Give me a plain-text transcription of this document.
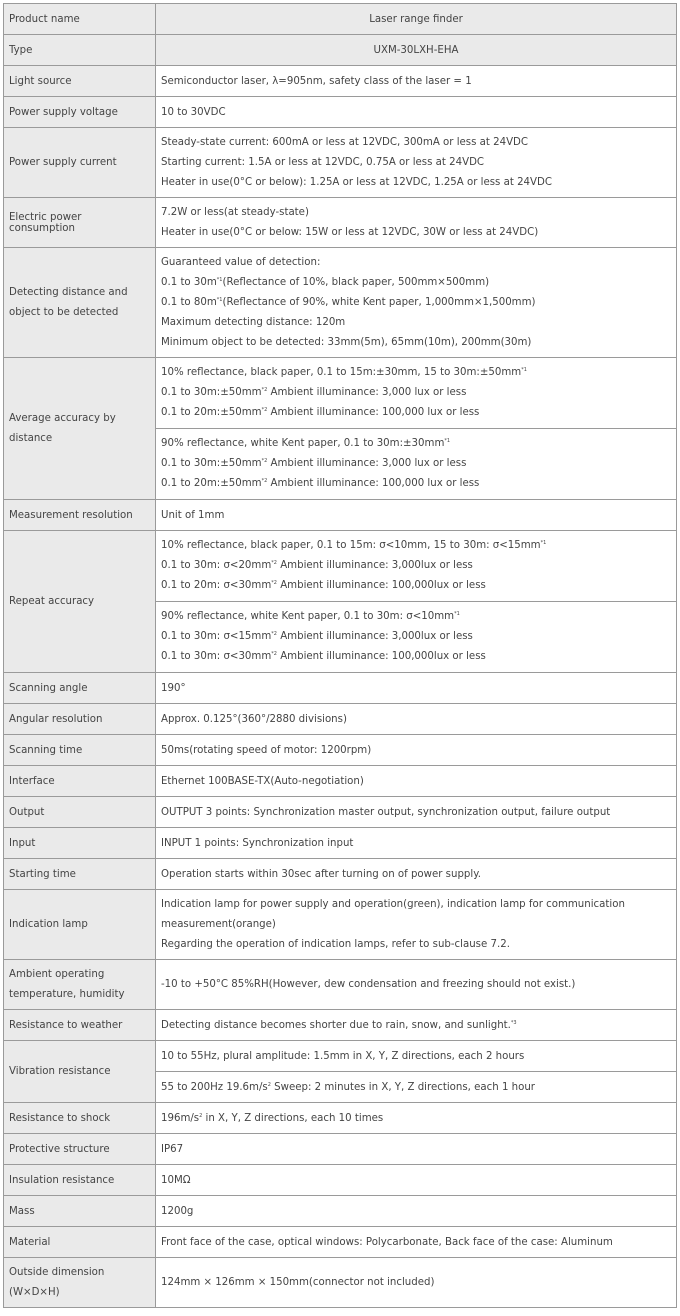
Product name	Laser range finder
Type	UXM-30LXH-EHA
Light source	Semiconductor laser, λ=905nm, safety class of the laser = 1
Power supply voltage	10 to 30VDC
Power supply current	Steady-state current: 600mA or less at 12VDC, 300mA or less at 24VDC
Starting current: 1.5A or less at 12VDC, 0.75A or less at 24VDC
Heater in use(0°C or below): 1.25A or less at 12VDC, 1.25A or less at 24VDC

Electric power consumption	7.2W or less(at steady-state)
Heater in use(0°C or below: 15W or less at 12VDC, 30W or less at 24VDC)

Detecting distance and object to be detected	Guaranteed value of detection:
0.1 to $30m^{*1}(Reflectance$ of 10%, black paper, 500mm×500mm)
0.1 to $80m^{*1}(Reflectance$ of 90%, white Kent paper, 1,000mm×1,500mm)
Maximum detecting distance: 120m
Minimum object to be detected: 33mm(5m), 65mm(10m), 200mm(30m)

Average accuracy by distance	10% reflectance, black paper, 0.1 to 15m:±30mm, 15 to $30m:\pm 50mm^{*1}$
0.1 to $30m:\pm 50mm^{*2}$ Ambient illuminance: 3,000 lux or less
0.1 to $20m:\pm 50mm^{*2}$ Ambient illuminance: 100,000 lux or less

	90% reflectance, white Kent paper, 0.1 to $30m:\pm 30mm^{*1}$
0.1 to $30m:\pm 50mm^{*2}$ Ambient illuminance: 3,000 lux or less
0.1 to $20m:\pm 50mm^{*2}$ Ambient illuminance: 100,000 lux or less

Measurement resolution	Unit of 1mm
Repeat accuracy	10% reflectance, black paper, 0.1 to 15m: σ<10mm, 15 to 30m: $\sigma<15mm^{*1}$
0.1 to 30m: $\sigma<20mm^{*2}$ Ambient illuminance: 3,000lux or less
0.1 to 20m: $\sigma<30mm^{*2}$ Ambient illuminance: 100,000lux or less

	90% reflectance, white Kent paper, 0.1 to 30m: $\sigma<10mm^{*1}$
0.1 to 30m: $\sigma<15mm^{*2}$ Ambient illuminance: 3,000lux or less
0.1 to 30m: $\sigma<30mm^{*2}$ Ambient illuminance: 100,000lux or less

Scanning angle	190°
Angular resolution	Approx. 0.125°(360°/2880 divisions)
Scanning time	50ms(rotating speed of motor: 1200rpm)
Interface	Ethernet 100BASE-TX(Auto-negotiation)
Output	OUTPUT 3 points: Synchronization master output, synchronization output, failure output
Input	INPUT 1 points: Synchronization input
Starting time	Operation starts within 30sec after turning on of power supply.
Indication lamp	Indication lamp for power supply and operation(green), indication lamp for communication measurement(orange)
Regarding the operation of indication lamps, refer to sub-clause 7.2.

Ambient operating temperature, humidity	-10 to +50°C 85%RH(However, dew condensation and freezing should not exist.)
Resistance to weather	Detecting distance becomes shorter due to rain, snow, and sunlight.$^{*3}$
Vibration resistance	10 to 55Hz, plural amplitude: 1.5mm in X, Y, Z directions, each 2 hours
	55 to 200Hz $19.6m/s^2$ Sweep: 2 minutes in X, Y, Z directions, each 1 hour
Resistance to shock	$196m/s^2$ in X, Y, Z directions, each 10 times
Protective structure	IP67
Insulation resistance	10MΩ
Mass	1200g
Material	Front face of the case, optical windows: Polycarbonate, Back face of the case: Aluminum
Outside dimension (W×D×H)	124mm × 126mm × 150mm(connector not included)
